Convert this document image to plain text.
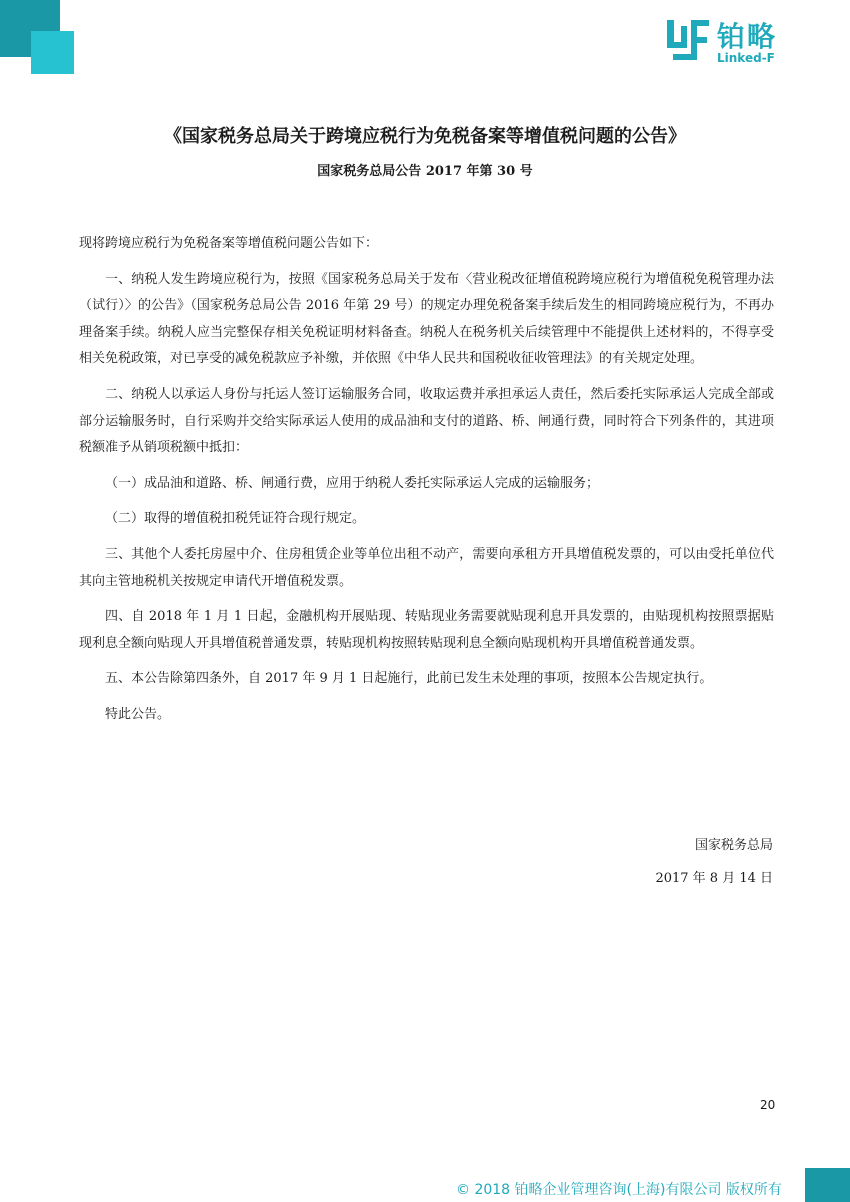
铂略
Linked-F
《国家税务总局关于跨境应税行为免税备案等增值税问题的公告》
国家税务总局公告 2017 年第 30 号

现将跨境应税行为免税备案等增值税问题公告如下：

一、纳税人发生跨境应税行为，按照《国家税务总局关于发布〈营业税改征增值税跨境应税行为增值税免税管理办法（试行）〉的公告》（国家税务总局公告 2016 年第 29 号）的规定办理免税备案手续后发生的相同跨境应税行为，不再办理备案手续。纳税人应当完整保存相关免税证明材料备查。纳税人在税务机关后续管理中不能提供上述材料的，不得享受相关免税政策，对已享受的减免税款应予补缴，并依照《中华人民共和国税收征收管理法》的有关规定处理。

二、纳税人以承运人身份与托运人签订运输服务合同，收取运费并承担承运人责任，然后委托实际承运人完成全部或部分运输服务时，自行采购并交给实际承运人使用的成品油和支付的道路、桥、闸通行费，同时符合下列条件的，其进项税额准予从销项税额中抵扣：

（一）成品油和道路、桥、闸通行费，应用于纳税人委托实际承运人完成的运输服务；

（二）取得的增值税扣税凭证符合现行规定。

三、其他个人委托房屋中介、住房租赁企业等单位出租不动产，需要向承租方开具增值税发票的，可以由受托单位代其向主管地税机关按规定申请代开增值税发票。

四、自 2018 年 1 月 1 日起，金融机构开展贴现、转贴现业务需要就贴现利息开具发票的，由贴现机构按照票据贴现利息全额向贴现人开具增值税普通发票，转贴现机构按照转贴现利息全额向贴现机构开具增值税普通发票。

五、本公告除第四条外，自 2017 年 9 月 1 日起施行，此前已发生未处理的事项，按照本公告规定执行。

特此公告。

国家税务总局
2017 年 8 月 14 日
20
© 2018 铂略企业管理咨询(上海)有限公司 版权所有
